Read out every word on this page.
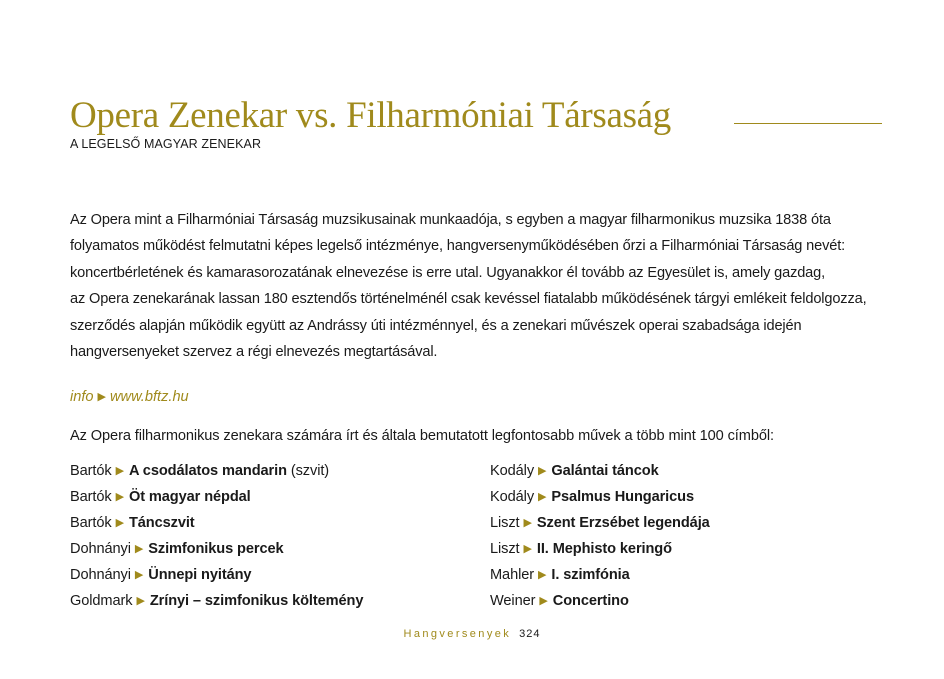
Opera Zenekar vs. Filharmóniai Társaság
A LEGELSŐ MAGYAR ZENEKAR

Az Opera mint a Filharmóniai Társaság muzsikusainak munkaadója, s egyben a magyar filharmonikus muzsika 1838 óta
folyamatos működést felmutatni képes legelső intézménye, hangversenyműködésében őrzi a Filharmóniai Társaság nevét:
koncertbérletének és kamarasorozatának elnevezése is erre utal. Ugyanakkor él tovább az Egyesület is, amely gazdag,
az Opera zenekarának lassan 180 esztendős történelménél csak kevéssel fiatalabb működésének tárgyi emlékeit feldolgozza,
szerződés alapján működik együtt az Andrássy úti intézménnyel, és a zenekari művészek operai szabadsága idején
hangversenyeket szervez a régi elnevezés megtartásával.

info ▶ www.bftz.hu
Az Opera filharmonikus zenekara számára írt és általa bemutatott legfontosabb művek a több mint 100 címből:
Bartók ▶ A csodálatos mandarin (szvit)
Bartók ▶ Öt magyar népdal
Bartók ▶ Táncszvit
Dohnányi ▶ Szimfonikus percek
Dohnányi ▶ Ünnepi nyitány
Goldmark ▶ Zrínyi – szimfonikus költemény
Kodály ▶ Galántai táncok
Kodály ▶ Psalmus Hungaricus
Liszt ▶ Szent Erzsébet legendája
Liszt ▶ II. Mephisto keringő
Mahler ▶ I. szimfónia
Weiner ▶ Concertino
Hangversenyek 324
